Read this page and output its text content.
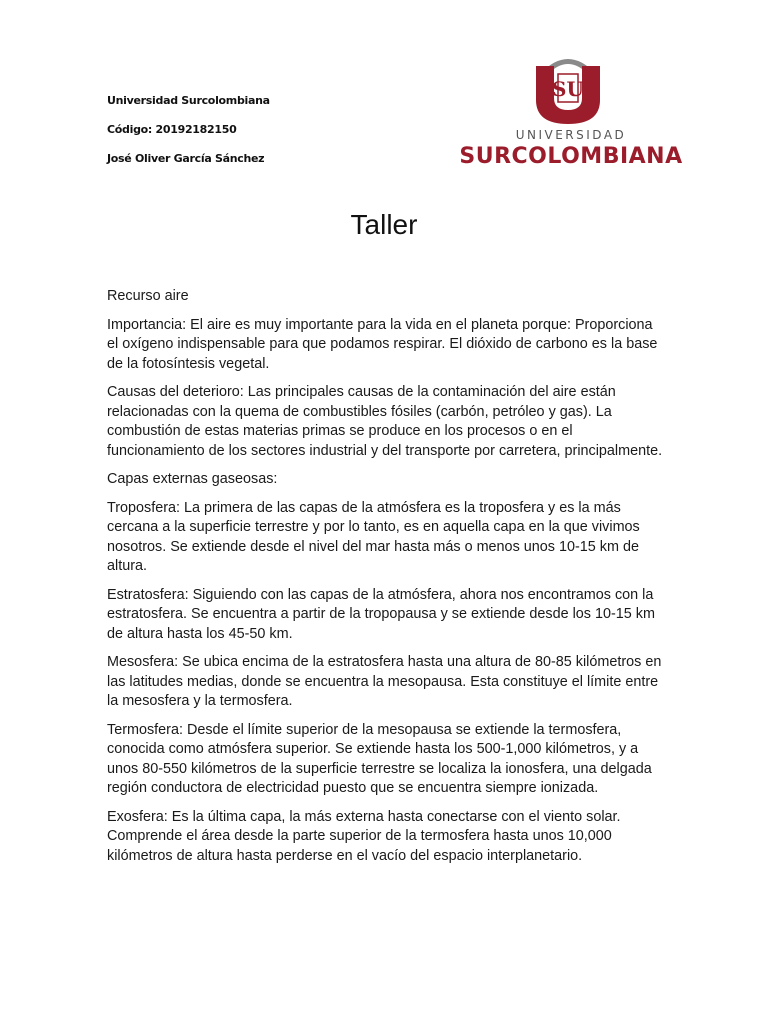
Universidad Surcolombiana
Código: 20192182150
José Oliver García Sánchez
SU
UNIVERSIDAD
SURCOLOMBIANA
Taller

Recurso aire

Importancia: El aire es muy importante para la vida en el planeta porque: Proporciona el oxígeno indispensable para que podamos respirar. El dióxido de carbono es la base de la fotosíntesis vegetal.

Causas del deterioro: Las principales causas de la contaminación del aire están relacionadas con la quema de combustibles fósiles (carbón, petróleo y gas). La combustión de estas materias primas se produce en los procesos o en el funcionamiento de los sectores industrial y del transporte por carretera, principalmente.

Capas externas gaseosas:

Troposfera: La primera de las capas de la atmósfera es la troposfera y es la más cercana a la superficie terrestre y por lo tanto, es en aquella capa en la que vivimos nosotros. Se extiende desde el nivel del mar hasta más o menos unos 10-15 km de altura.

Estratosfera: Siguiendo con las capas de la atmósfera, ahora nos encontramos con la estratosfera. Se encuentra a partir de la tropopausa y se extiende desde los 10-15 km de altura hasta los 45-50 km.

Mesosfera: Se ubica encima de la estratosfera hasta una altura de 80-85 kilómetros en las latitudes medias, donde se encuentra la mesopausa. Esta constituye el límite entre la mesosfera y la termosfera.

Termosfera: Desde el límite superior de la mesopausa se extiende la termosfera, conocida como atmósfera superior. Se extiende hasta los 500-1,000 kilómetros, y a unos 80-550 kilómetros de la superficie terrestre se localiza la ionosfera, una delgada región conductora de electricidad puesto que se encuentra siempre ionizada.

Exosfera: Es la última capa, la más externa hasta conectarse con el viento solar. Comprende el área desde la parte superior de la termosfera hasta unos 10,000 kilómetros de altura hasta perderse en el vacío del espacio interplanetario.
